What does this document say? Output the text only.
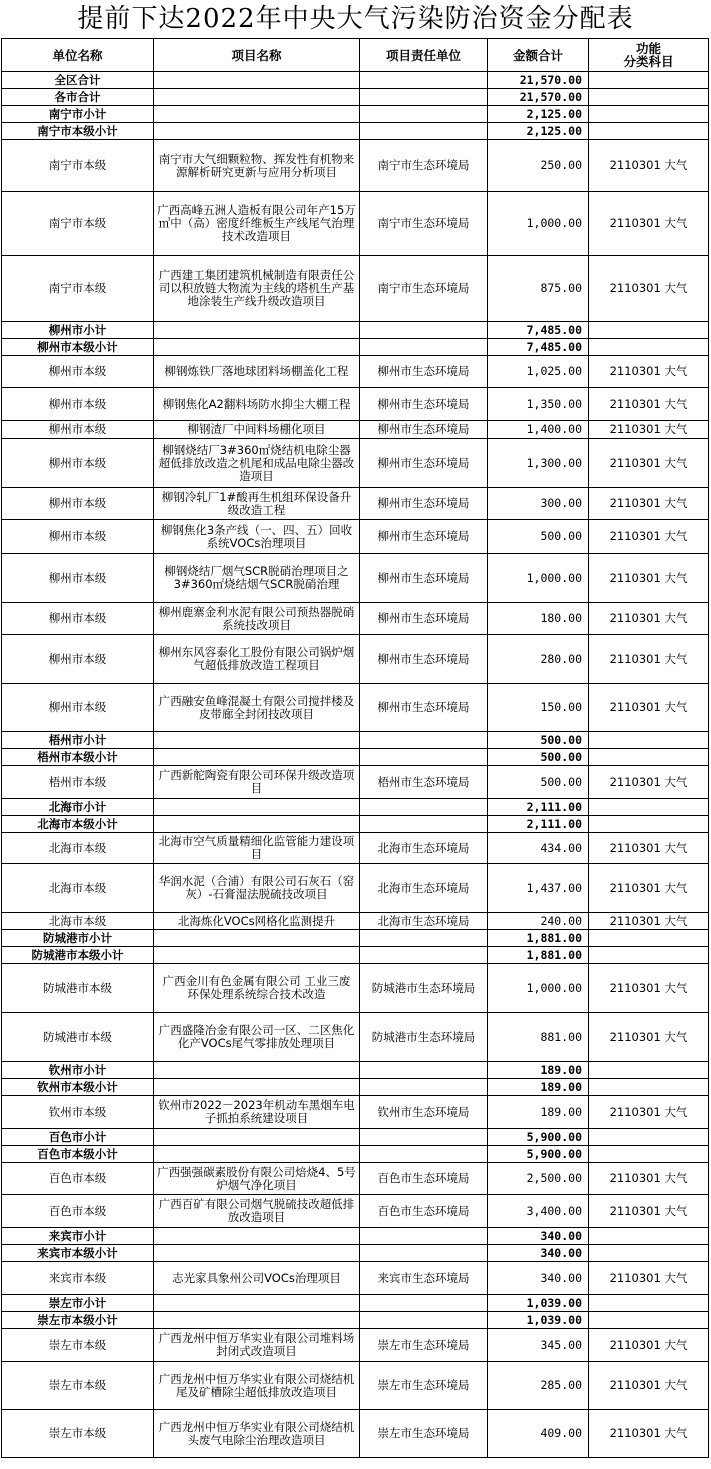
提前下达2022年中央大气污染防治资金分配表
单位名称	项目名称	项目责任单位	金额合计	功能
分类科目

全区合计			21,570.00	
各市合计			21,570.00	
南宁市小计			2,125.00	
南宁市本级小计			2,125.00	
南宁市本级	南宁市大气细颗粒物、挥发性有机物来源解析研究更新与应用分析项目	南宁市生态环境局	250.00	2110301 大气
南宁市本级	广西高峰五洲人造板有限公司年产15万㎥中（高）密度纤维板生产线尾气治理技术改造项目	南宁市生态环境局	1,000.00	2110301 大气
南宁市本级	广西建工集团建筑机械制造有限责任公司以积放链大物流为主线的塔机生产基地涂装生产线升级改造项目	南宁市生态环境局	875.00	2110301 大气
柳州市小计			7,485.00	
柳州市本级小计			7,485.00	
柳州市本级	柳钢炼铁厂落地球团料场棚盖化工程	柳州市生态环境局	1,025.00	2110301 大气
柳州市本级	柳钢焦化A2翻料场防水抑尘大棚工程	柳州市生态环境局	1,350.00	2110301 大气
柳州市本级	柳钢渣厂中间料场棚化项目	柳州市生态环境局	1,400.00	2110301 大气
柳州市本级	柳钢烧结厂3#360㎡烧结机电除尘器超低排放改造之机尾和成品电除尘器改造项目	柳州市生态环境局	1,300.00	2110301 大气
柳州市本级	柳钢冷轧厂1#酸再生机组环保设备升级改造工程	柳州市生态环境局	300.00	2110301 大气
柳州市本级	柳钢焦化3条产线（一、四、五）回收系统VOCs治理项目	柳州市生态环境局	500.00	2110301 大气
柳州市本级	柳钢烧结厂烟气SCR脱硝治理项目之3#360㎡烧结烟气SCR脱硝治理	柳州市生态环境局	1,000.00	2110301 大气
柳州市本级	柳州鹿寨金利水泥有限公司预热器脱硝系统技改项目	柳州市生态环境局	180.00	2110301 大气
柳州市本级	柳州东风容泰化工股份有限公司锅炉烟气超低排放改造工程项目	柳州市生态环境局	280.00	2110301 大气
柳州市本级	广西融安鱼峰混凝土有限公司搅拌楼及皮带廊全封闭技改项目	柳州市生态环境局	150.00	2110301 大气
梧州市小计			500.00	
梧州市本级小计			500.00	
梧州市本级	广西新舵陶瓷有限公司环保升级改造项目	梧州市生态环境局	500.00	2110301 大气
北海市小计			2,111.00	
北海市本级小计			2,111.00	
北海市本级	北海市空气质量精细化监管能力建设项目	北海市生态环境局	434.00	2110301 大气
北海市本级	华润水泥（合浦）有限公司石灰石（窑灰）-石膏湿法脱硫技改项目	北海市生态环境局	1,437.00	2110301 大气
北海市本级	北海炼化VOCs网格化监测提升	北海市生态环境局	240.00	2110301 大气
防城港市小计			1,881.00	
防城港市本级小计			1,881.00	
防城港市本级	广西金川有色金属有限公司 工业三废环保处理系统综合技术改造	防城港市生态环境局	1,000.00	2110301 大气
防城港市本级	广西盛隆冶金有限公司一区、二区焦化化产VOCs尾气零排放处理项目	防城港市生态环境局	881.00	2110301 大气
钦州市小计			189.00	
钦州市本级小计			189.00	
钦州市本级	钦州市2022－2023年机动车黑烟车电子抓拍系统建设项目	钦州市生态环境局	189.00	2110301 大气
百色市小计			5,900.00	
百色市本级小计			5,900.00	
百色市本级	广西强强碳素股份有限公司焙烧4、5号炉烟气净化项目	百色市生态环境局	2,500.00	2110301 大气
百色市本级	广西百矿有限公司烟气脱硫技改超低排放改造项目	百色市生态环境局	3,400.00	2110301 大气
来宾市小计			340.00	
来宾市本级小计			340.00	
来宾市本级	志光家具象州公司VOCs治理项目	来宾市生态环境局	340.00	2110301 大气
崇左市小计			1,039.00	
崇左市本级小计			1,039.00	
崇左市本级	广西龙州中恒万华实业有限公司堆料场封闭式改造项目	崇左市生态环境局	345.00	2110301 大气
崇左市本级	广西龙州中恒万华实业有限公司烧结机尾及矿槽除尘超低排放改造项目	崇左市生态环境局	285.00	2110301 大气
崇左市本级	广西龙州中恒万华实业有限公司烧结机头废气电除尘治理改造项目	崇左市生态环境局	409.00	2110301 大气
